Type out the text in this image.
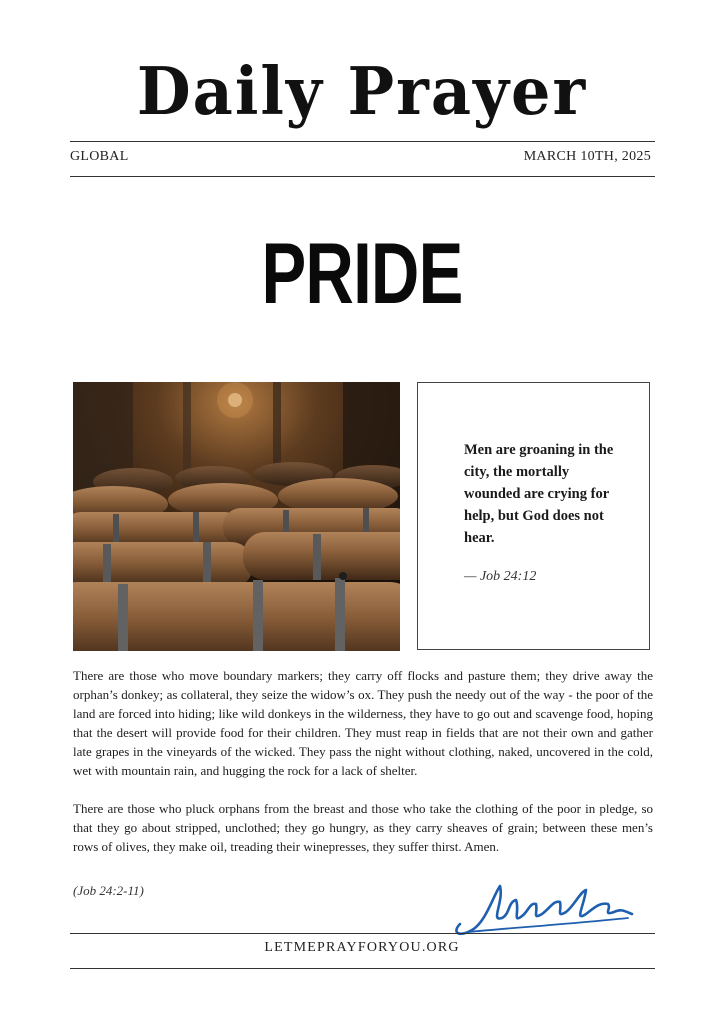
Daily Prayer
GLOBAL	MARCH 10TH, 2025
PRIDE
Men are groaning in the city, the mortally wounded are crying for help, but God does not hear.
— Job 24:12

There are those who move boundary markers; they carry off flocks and pasture them; they drive away the orphan’s donkey; as collateral, they seize the widow’s ox. They push the needy out of the way - the poor of the land are forced into hiding; like wild donkeys in the wilderness, they have to go out and scavenge food, hoping that the desert will provide food for their children. They must reap in fields that are not their own and gather late grapes in the vineyards of the wicked. They pass the night without clothing, naked, uncovered in the cold, wet with mountain rain, and hugging the rock for a lack of shelter.

There are those who pluck orphans from the breast and those who take the clothing of the poor in pledge, so that they go about stripped, unclothed; they go hungry, as they carry sheaves of grain; between these men’s rows of olives, they make oil, treading their winepresses, they suffer thirst. Amen.

(Job 24:2-11)
LETMEPRAYFORYOU.ORG
